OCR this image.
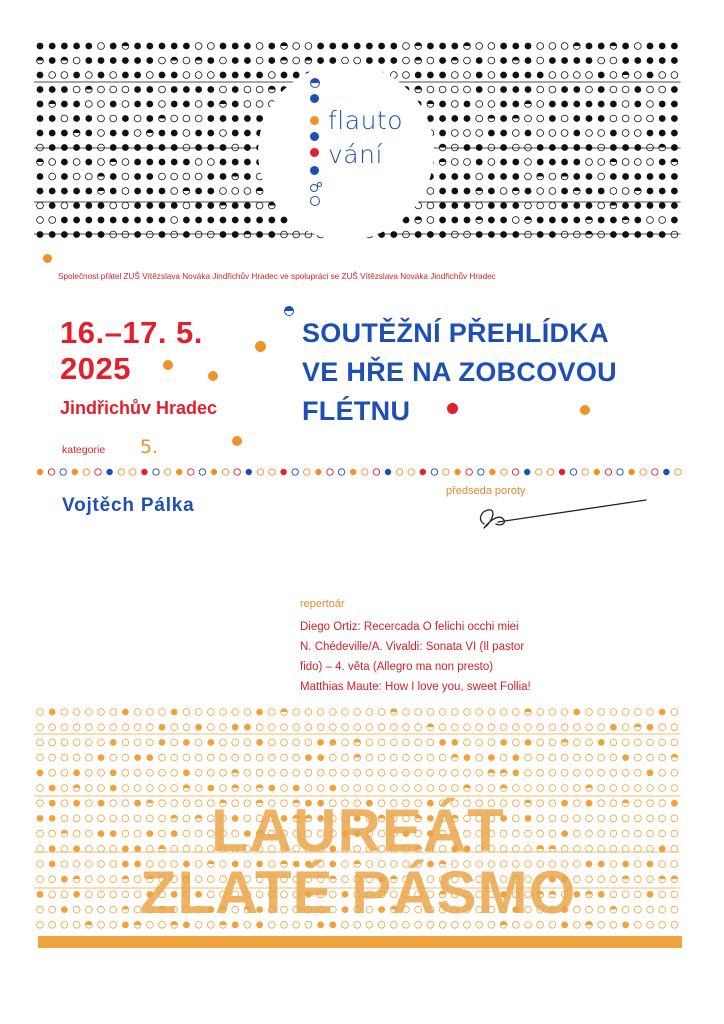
flauto
vání
Společnost přátel ZUŠ Vítězslava Nováka Jindřichův Hradec ve spolupráci se ZUŠ Vítězslava Nováka Jindřichův Hradec
16.–17. 5.
2025
Jindřichův Hradec
kategorie 5.
SOUTĚŽNÍ PŘEHLÍDKA
VE HŘE NA ZOBCOVOU
FLÉTNU
Vojtěch Pálka
předseda poroty
repertoár
Diego Ortiz: Recercada O felichi occhi miei
N. Chédeville/A. Vivaldi: Sonata VI (Il pastor
fido) – 4. věta (Allegro ma non presto)
Matthias Maute: How I love you, sweet Follia!
LAUREÁT
ZLATÉ PÁSMO
